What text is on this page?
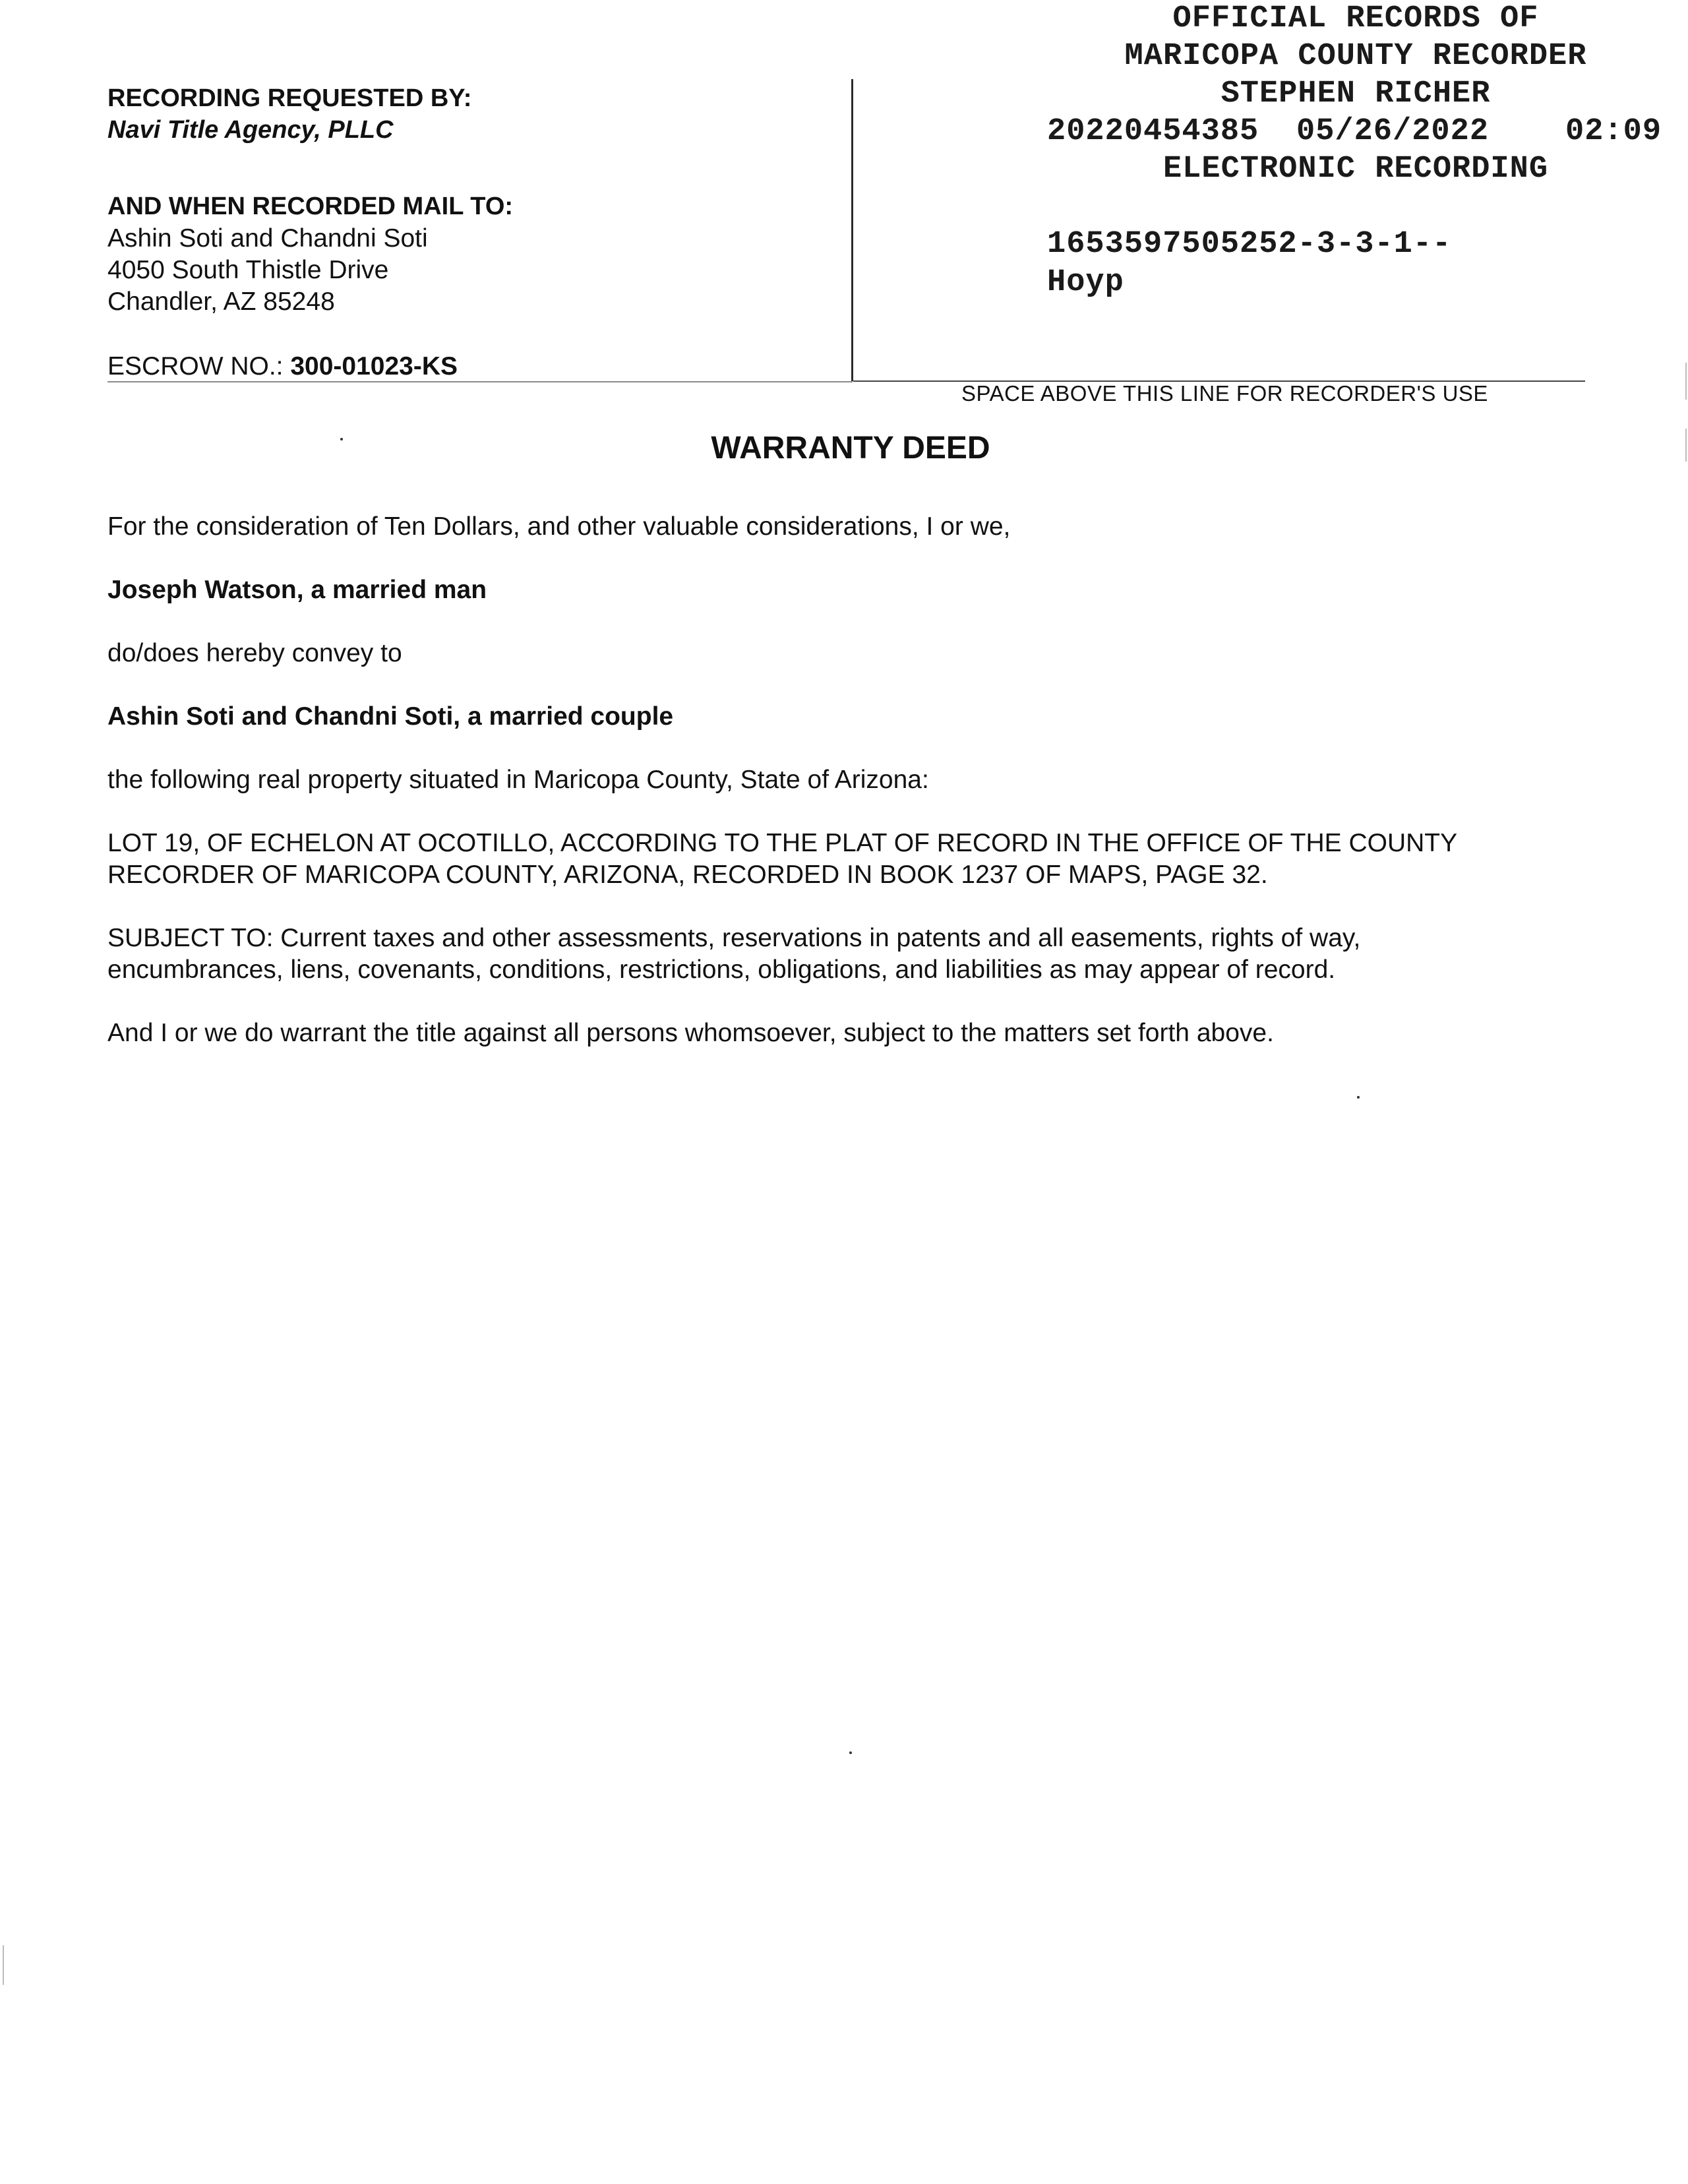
RECORDING REQUESTED BY:
Navi Title Agency, PLLC
AND WHEN RECORDED MAIL TO:
Ashin Soti and Chandni Soti
4050 South Thistle Drive
Chandler, AZ 85248
ESCROW NO.: 300-01023-KS
OFFICIAL RECORDS OF
MARICOPA COUNTY RECORDER
STEPHEN RICHER
20220454385 05/26/2022 02:09
ELECTRONIC RECORDING
1653597505252-3-3-1--
Hoyp
SPACE ABOVE THIS LINE FOR RECORDER'S USE
WARRANTY DEED
For the consideration of Ten Dollars, and other valuable considerations, I or we,
Joseph Watson, a married man
do/does hereby convey to
Ashin Soti and Chandni Soti, a married couple
the following real property situated in Maricopa County, State of Arizona:
LOT 19, OF ECHELON AT OCOTILLO, ACCORDING TO THE PLAT OF RECORD IN THE OFFICE OF THE COUNTY
RECORDER OF MARICOPA COUNTY, ARIZONA, RECORDED IN BOOK 1237 OF MAPS, PAGE 32.
SUBJECT TO: Current taxes and other assessments, reservations in patents and all easements, rights of way,
encumbrances, liens, covenants, conditions, restrictions, obligations, and liabilities as may appear of record.
And I or we do warrant the title against all persons whomsoever, subject to the matters set forth above.
